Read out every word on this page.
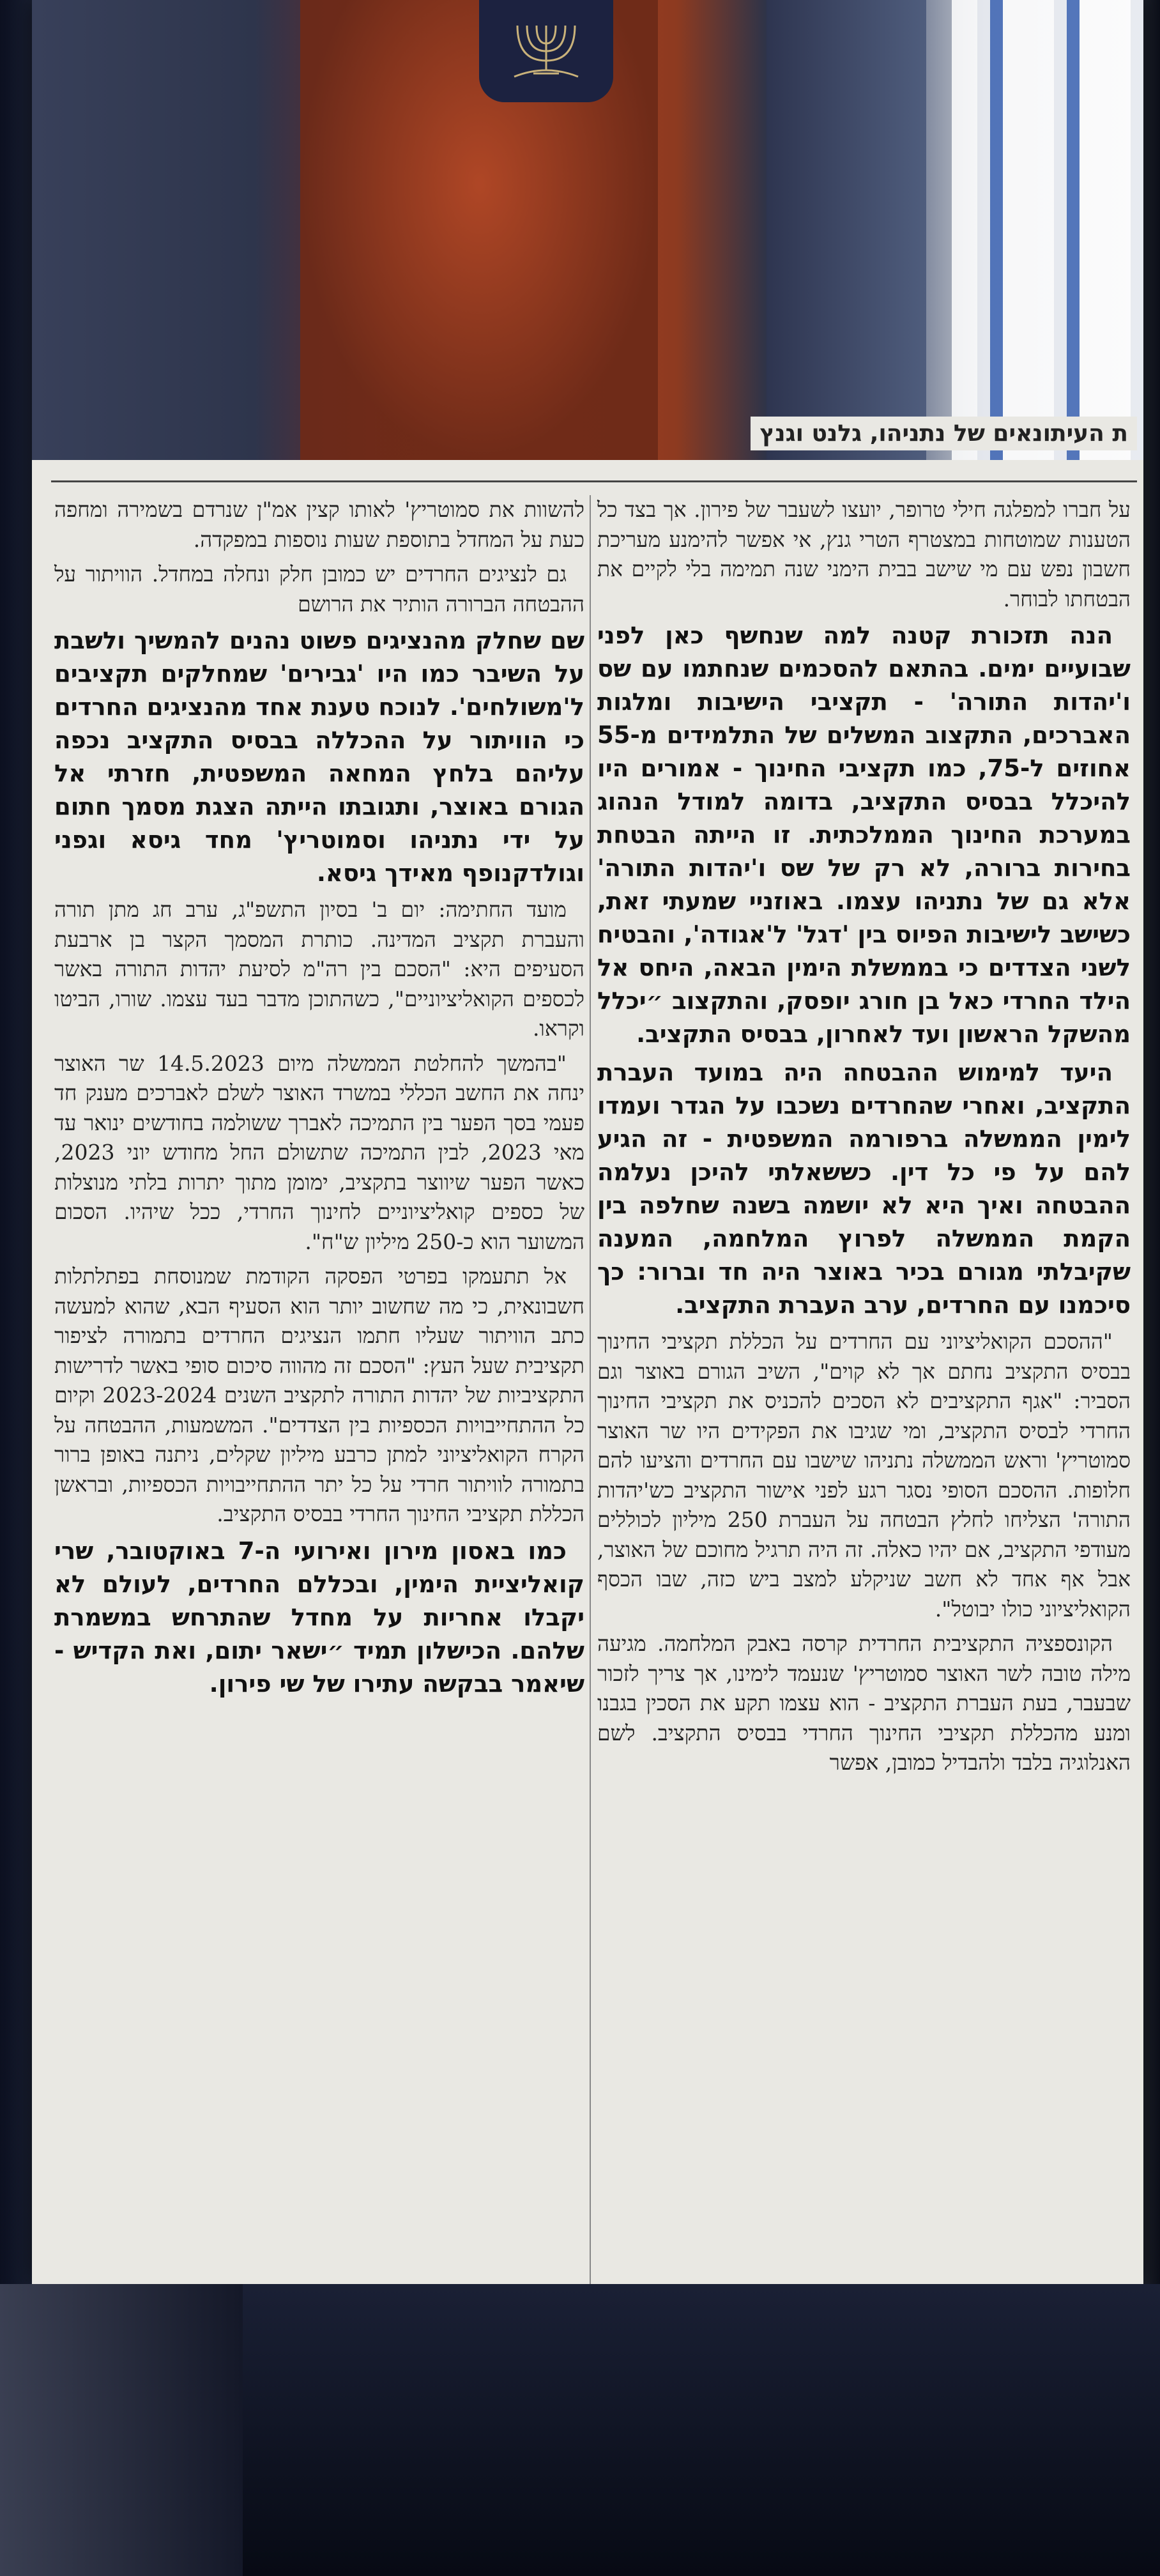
ת העיתונאים של נתניהו, גלנט וגנץ

על חברו למפלגה חילי טרופר, יועצו לשעבר של פירון. אך בצד כל הטענות שמוטחות במצטרף הטרי גנץ, אי אפשר להימנע מעריכת חשבון נפש עם מי שישב בבית הימני שנה תמימה בלי לקיים את הבטחתו לבוחר.

הנה תזכורת קטנה למה שנחשף כאן לפני שבועיים ימים. בהתאם להסכמים שנחתמו עם שס ו'יהדות התורה' - תקציבי הישיבות ומלגות האברכים, התקצוב המשלים של התלמידים מ-55 אחוזים ל-75, כמו תקציבי החינוך - אמורים היו להיכלל בבסיס התקציב, בדומה למודל הנהוג במערכת החינוך הממלכתית. זו הייתה הבטחת בחירות ברורה, לא רק של שס ו'יהדות התורה' אלא גם של נתניהו עצמו. באוזניי שמעתי זאת, כשישב לישיבות הפיוס בין 'דגל' ל'אגודה', והבטיח לשני הצדדים כי בממשלת הימין הבאה, היחס אל הילד החרדי כאל בן חורג יופסק, והתקצוב ״יכלל מהשקל הראשון ועד לאחרון, בבסיס התקציב.

היעד למימוש ההבטחה היה במועד העברת התקציב, ואחרי שהחרדים נשכבו על הגדר ועמדו לימין הממשלה ברפורמה המשפטית - זה הגיע להם על פי כל דין. כששאלתי להיכן נעלמה ההבטחה ואיך היא לא יושמה בשנה שחלפה בין הקמת הממשלה לפרוץ המלחמה, המענה שקיבלתי מגורם בכיר באוצר היה חד וברור: כך סיכמנו עם החרדים, ערב העברת התקציב.

"ההסכם הקואליציוני עם החרדים על הכללת תקציבי החינוך בבסיס התקציב נחתם אך לא קוים", השיב הגורם באוצר וגם הסביר: "אגף התקציבים לא הסכים להכניס את תקציבי החינוך החרדי לבסיס התקציב, ומי שגיבו את הפקידים היו שר האוצר סמוטריץ' וראש הממשלה נתניהו שישבו עם החרדים והציעו להם חלופות. ההסכם הסופי נסגר רגע לפני אישור התקציב כש'יהדות התורה' הצליחו לחלץ הבטחה על העברת 250 מיליון לכוללים מעודפי התקציב, אם יהיו כאלה. זה היה תרגיל מחוכם של האוצר, אבל אף אחד לא חשב שניקלע למצב ביש כזה, שבו הכסף הקואליציוני כולו יבוטל".

הקונספציה התקציבית החרדית קרסה באבק המלחמה. מגיעה מילה טובה לשר האוצר סמוטריץ' שנעמד לימינו, אך צריך לזכור שבעבר, בעת העברת התקציב - הוא עצמו תקע את הסכין בגבנו ומנע מהכללת תקציבי החינוך החרדי בבסיס התקציב. לשם האנלוגיה בלבד ולהבדיל כמובן, אפשר

להשוות את סמוטריץ' לאותו קצין אמ"ן שנרדם בשמירה ומחפה כעת על המחדל בתוספת שעות נוספות במפקדה.

גם לנציגים החרדים יש כמובן חלק ונחלה במחדל. הוויתור על ההבטחה הברורה הותיר את הרושם

שם שחלק מהנציגים פשוט נהנים להמשיך ולשבת על השיבר כמו היו 'גבירים' שמחלקים תקציבים ל'משולחים'. לנוכח טענת אחד מהנציגים החרדים כי הוויתור על ההכללה בבסיס התקציב נכפה עליהם בלחץ המחאה המשפטית, חזרתי אל הגורם באוצר, ותגובתו הייתה הצגת מסמך חתום על ידי נתניהו וסמוטריץ' מחד גיסא וגפני וגולדקנופף מאידך גיסא.

מועד החתימה: יום ב' בסיון התשפ"ג, ערב חג מתן תורה והעברת תקציב המדינה. כותרת המסמך הקצר בן ארבעת הסעיפים היא: "הסכם בין רה"מ לסיעת יהדות התורה באשר לכספים הקואליציוניים", כשהתוכן מדבר בעד עצמו. שורו, הביטו וקראו.

"בהמשך להחלטת הממשלה מיום 14.5.2023 שר האוצר ינחה את החשב הכללי במשרד האוצר לשלם לאברכים מענק חד פעמי בסך הפער בין התמיכה לאברך ששולמה בחודשים ינואר עד מאי 2023, לבין התמיכה שתשולם החל מחודש יוני 2023, כאשר הפער שיווצר בתקציב, ימומן מתוך יתרות בלתי מנוצלות של כספים קואליציוניים לחינוך החרדי, ככל שיהיו. הסכום המשוער הוא כ-250 מיליון ש"ח".

אל תתעמקו בפרטי הפסקה הקודמת שמנוסחת בפתלתלות חשבונאית, כי מה שחשוב יותר הוא הסעיף הבא, שהוא למעשה כתב הוויתור שעליו חתמו הנציגים החרדים בתמורה לציפור תקציבית שעל העץ: "הסכם זה מהווה סיכום סופי באשר לדרישות התקציביות של יהדות התורה לתקציב השנים 2023-2024 וקיום כל ההתחייבויות הכספיות בין הצדדים". המשמעות, ההבטחה על הקרח הקואליציוני למתן כרבע מיליון שקלים, ניתנה באופן ברור בתמורה לוויתור חרדי על כל יתר ההתחייבויות הכספיות, ובראשן הכללת תקציבי החינוך החרדי בבסיס התקציב.

כמו באסון מירון ואירועי ה-7 באוקטובר, שרי קואליציית הימין, ובכללם החרדים, לעולם לא יקבלו אחריות על מחדל שהתרחש במשמרת שלהם. הכישלון תמיד ״ישאר יתום, ואת הקדיש - שיאמר בבקשה עתירו של שי פירון.
